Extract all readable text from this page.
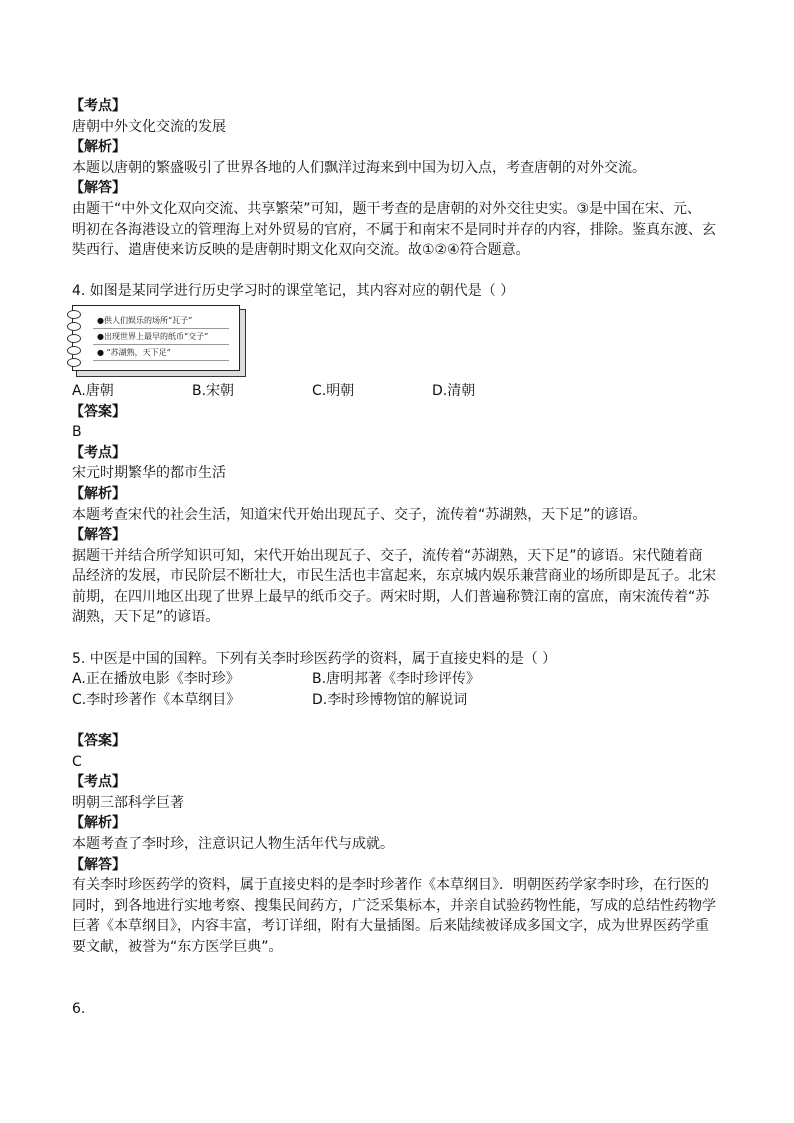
【考点】
唐朝中外文化交流的发展
【解析】
本题以唐朝的繁盛吸引了世界各地的人们飘洋过海来到中国为切入点，考查唐朝的对外交流。
【解答】
由题干“中外文化双向交流、共享繁荣”可知，题干考查的是唐朝的对外交往史实。③是中国在宋、元、
明初在各海港设立的管理海上对外贸易的官府，不属于和南宋不是同时并存的内容，排除。鉴真东渡、玄
奘西行、遣唐使来访反映的是唐朝时期文化双向交流。故①②④符合题意。
4. 如图是某同学进行历史学习时的课堂笔记，其内容对应的朝代是（ ）
●供人们娱乐的场所“瓦子”
●出现世界上最早的纸币“交子”
● “苏湖熟，天下足”
A.唐朝	B.宋朝	C.明朝	D.清朝
【答案】
B
【考点】
宋元时期繁华的都市生活
【解析】
本题考查宋代的社会生活，知道宋代开始出现瓦子、交子，流传着“苏湖熟，天下足”的谚语。
【解答】
据题干并结合所学知识可知，宋代开始出现瓦子、交子，流传着“苏湖熟，天下足”的谚语。宋代随着商
品经济的发展，市民阶层不断壮大，市民生活也丰富起来，东京城内娱乐兼营商业的场所即是瓦子。北宋
前期，在四川地区出现了世界上最早的纸币交子。两宋时期，人们普遍称赞江南的富庶，南宋流传着“苏
湖熟，天下足”的谚语。
5. 中医是中国的国粹。下列有关李时珍医药学的资料，属于直接史料的是（ ）
A.正在播放电影《李时珍》	B.唐明邦著《李时珍评传》
C.李时珍著作《本草纲目》	D.李时珍博物馆的解说词
【答案】
C
【考点】
明朝三部科学巨著
【解析】
本题考查了李时珍，注意识记人物生活年代与成就。
【解答】
有关李时珍医药学的资料，属于直接史料的是李时珍著作《本草纲目》．明朝医药学家李时珍，在行医的
同时，到各地进行实地考察、搜集民间药方，广泛采集标本，并亲自试验药物性能，写成的总结性药物学
巨著《本草纲目》，内容丰富，考订详细，附有大量插图。后来陆续被译成多国文字，成为世界医药学重
要文献，被誉为“东方医学巨典”。
6.
